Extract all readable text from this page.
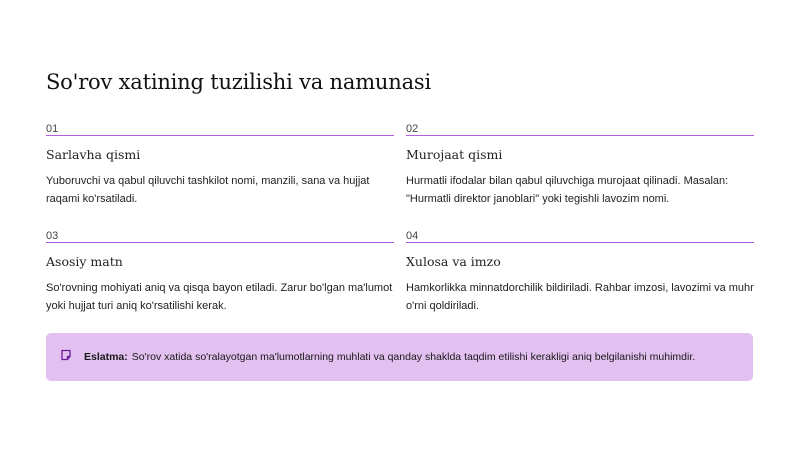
So'rov xatining tuzilishi va namunasi
01
Sarlavha qismi
Yuboruvchi va qabul qiluvchi tashkilot nomi, manzili, sana va hujjat raqami ko'rsatiladi.
02
Murojaat qismi
Hurmatli ifodalar bilan qabul qiluvchiga murojaat qilinadi. Masalan: "Hurmatli direktor janoblari" yoki tegishli lavozim nomi.
03
Asosiy matn
So'rovning mohiyati aniq va qisqa bayon etiladi. Zarur bo'lgan ma'lumot yoki hujjat turi aniq ko'rsatilishi kerak.
04
Xulosa va imzo
Hamkorlikka minnatdorchilik bildiriladi. Rahbar imzosi, lavozimi va muhr o'rni qoldiriladi.
Eslatma: So'rov xatida so'ralayotgan ma'lumotlarning muhlati va qanday shaklda taqdim etilishi kerakligi aniq belgilanishi muhimdir.
